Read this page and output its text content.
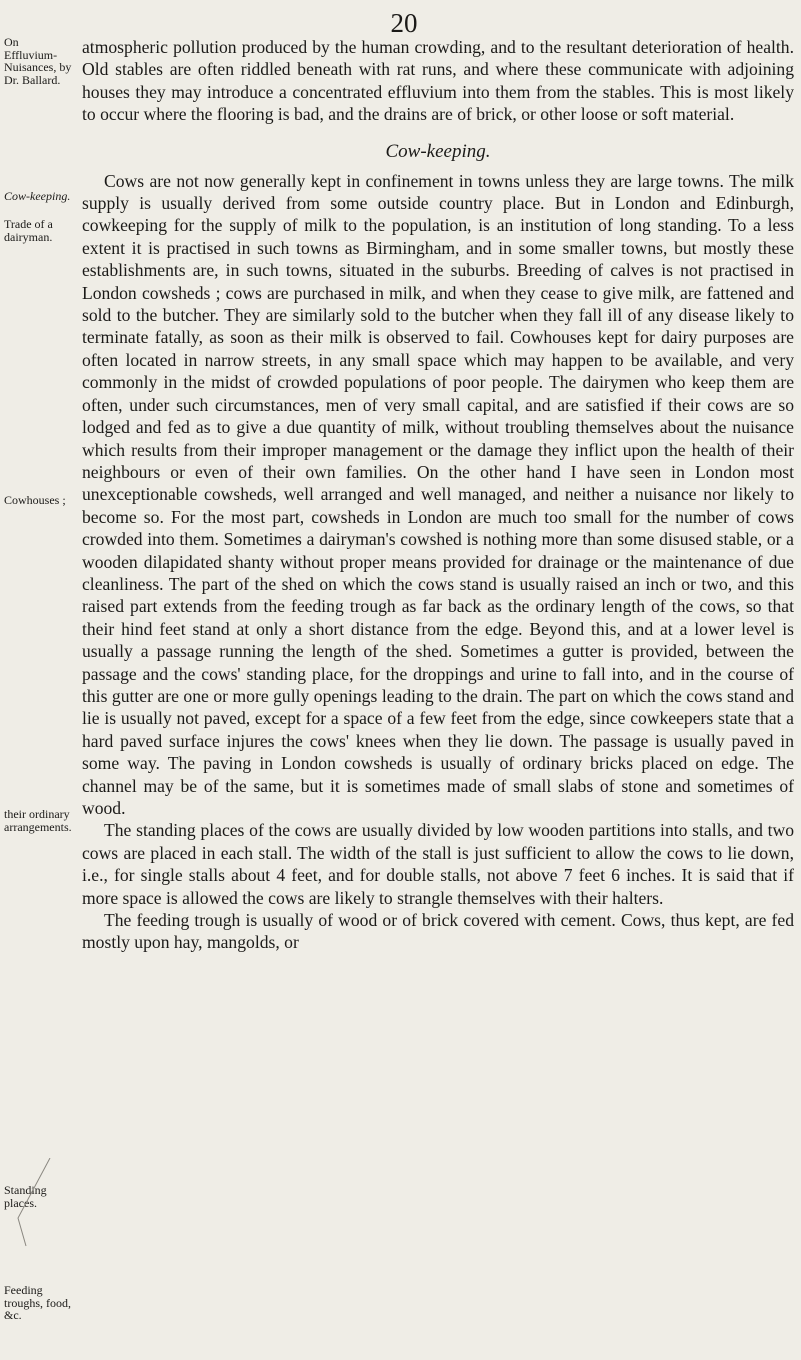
20
On Effluvium-Nuisances, by Dr. Ballard.
Cow-keeping.
Trade of a dairyman.
Cowhouses ;
their ordinary arrangements.
Standing places.
Feeding troughs, food, &c.

atmospheric pollution produced by the human crowding, and to the resultant deterioration of health. Old stables are often riddled beneath with rat runs, and where these communicate with adjoining houses they may introduce a concentrated effluvium into them from the stables. This is most likely to occur where the flooring is bad, and the drains are of brick, or other loose or soft material.

Cow-keeping.

Cows are not now generally kept in confinement in towns unless they are large towns. The milk supply is usually derived from some outside country place. But in London and Edinburgh, cowkeeping for the supply of milk to the population, is an institution of long standing. To a less extent it is practised in such towns as Birmingham, and in some smaller towns, but mostly these establishments are, in such towns, situated in the suburbs. Breeding of calves is not practised in London cowsheds ; cows are purchased in milk, and when they cease to give milk, are fattened and sold to the butcher. They are similarly sold to the butcher when they fall ill of any disease likely to terminate fatally, as soon as their milk is observed to fail. Cowhouses kept for dairy purposes are often located in narrow streets, in any small space which may happen to be available, and very commonly in the midst of crowded populations of poor people. The dairymen who keep them are often, under such circumstances, men of very small capital, and are satisfied if their cows are so lodged and fed as to give a due quantity of milk, without troubling themselves about the nuisance which results from their improper management or the damage they inflict upon the health of their neighbours or even of their own families. On the other hand I have seen in London most unexceptionable cowsheds, well arranged and well managed, and neither a nuisance nor likely to become so. For the most part, cowsheds in London are much too small for the number of cows crowded into them. Sometimes a dairyman's cowshed is nothing more than some disused stable, or a wooden dilapidated shanty without proper means provided for drainage or the maintenance of due cleanliness. The part of the shed on which the cows stand is usually raised an inch or two, and this raised part extends from the feeding trough as far back as the ordinary length of the cows, so that their hind feet stand at only a short distance from the edge. Beyond this, and at a lower level is usually a passage running the length of the shed. Sometimes a gutter is provided, between the passage and the cows' standing place, for the droppings and urine to fall into, and in the course of this gutter are one or more gully openings leading to the drain. The part on which the cows stand and lie is usually not paved, except for a space of a few feet from the edge, since cowkeepers state that a hard paved surface injures the cows' knees when they lie down. The passage is usually paved in some way. The paving in London cowsheds is usually of ordinary bricks placed on edge. The channel may be of the same, but it is sometimes made of small slabs of stone and sometimes of wood.

The standing places of the cows are usually divided by low wooden partitions into stalls, and two cows are placed in each stall. The width of the stall is just sufficient to allow the cows to lie down, i.e., for single stalls about 4 feet, and for double stalls, not above 7 feet 6 inches. It is said that if more space is allowed the cows are likely to strangle themselves with their halters.

The feeding trough is usually of wood or of brick covered with cement. Cows, thus kept, are fed mostly upon hay, mangolds, or
